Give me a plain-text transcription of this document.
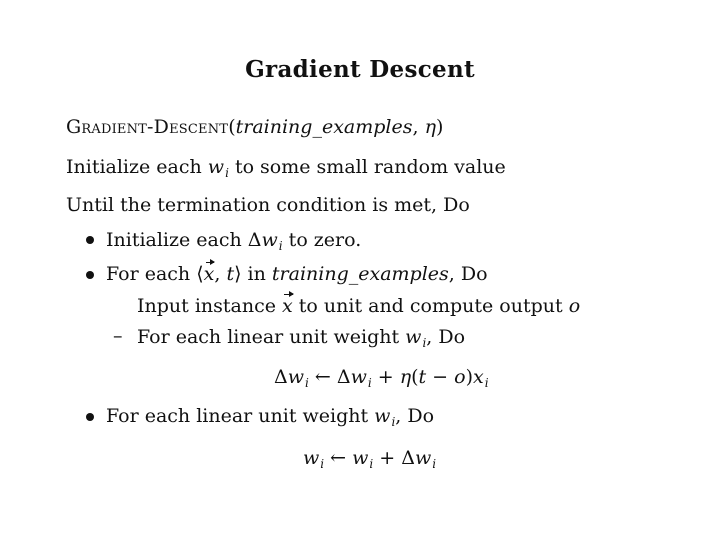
Gradient Descent
Gradient-Descent(training_examples, η)
Initialize each $w_i$ to some small random value
Until the termination condition is met, Do
Initialize each $\Delta w_i$ to zero.
For each ⟨x, t⟩ in training_examples, Do
Input instance x to unit and compute output o
– For each linear unit weight $w_i$, Do
$\Delta w_i$ ← $\Delta w_i + \eta(t - o)x_i$
For each linear unit weight $w_i$, Do
$w_i$ ← $w_i + \Delta w_i$
